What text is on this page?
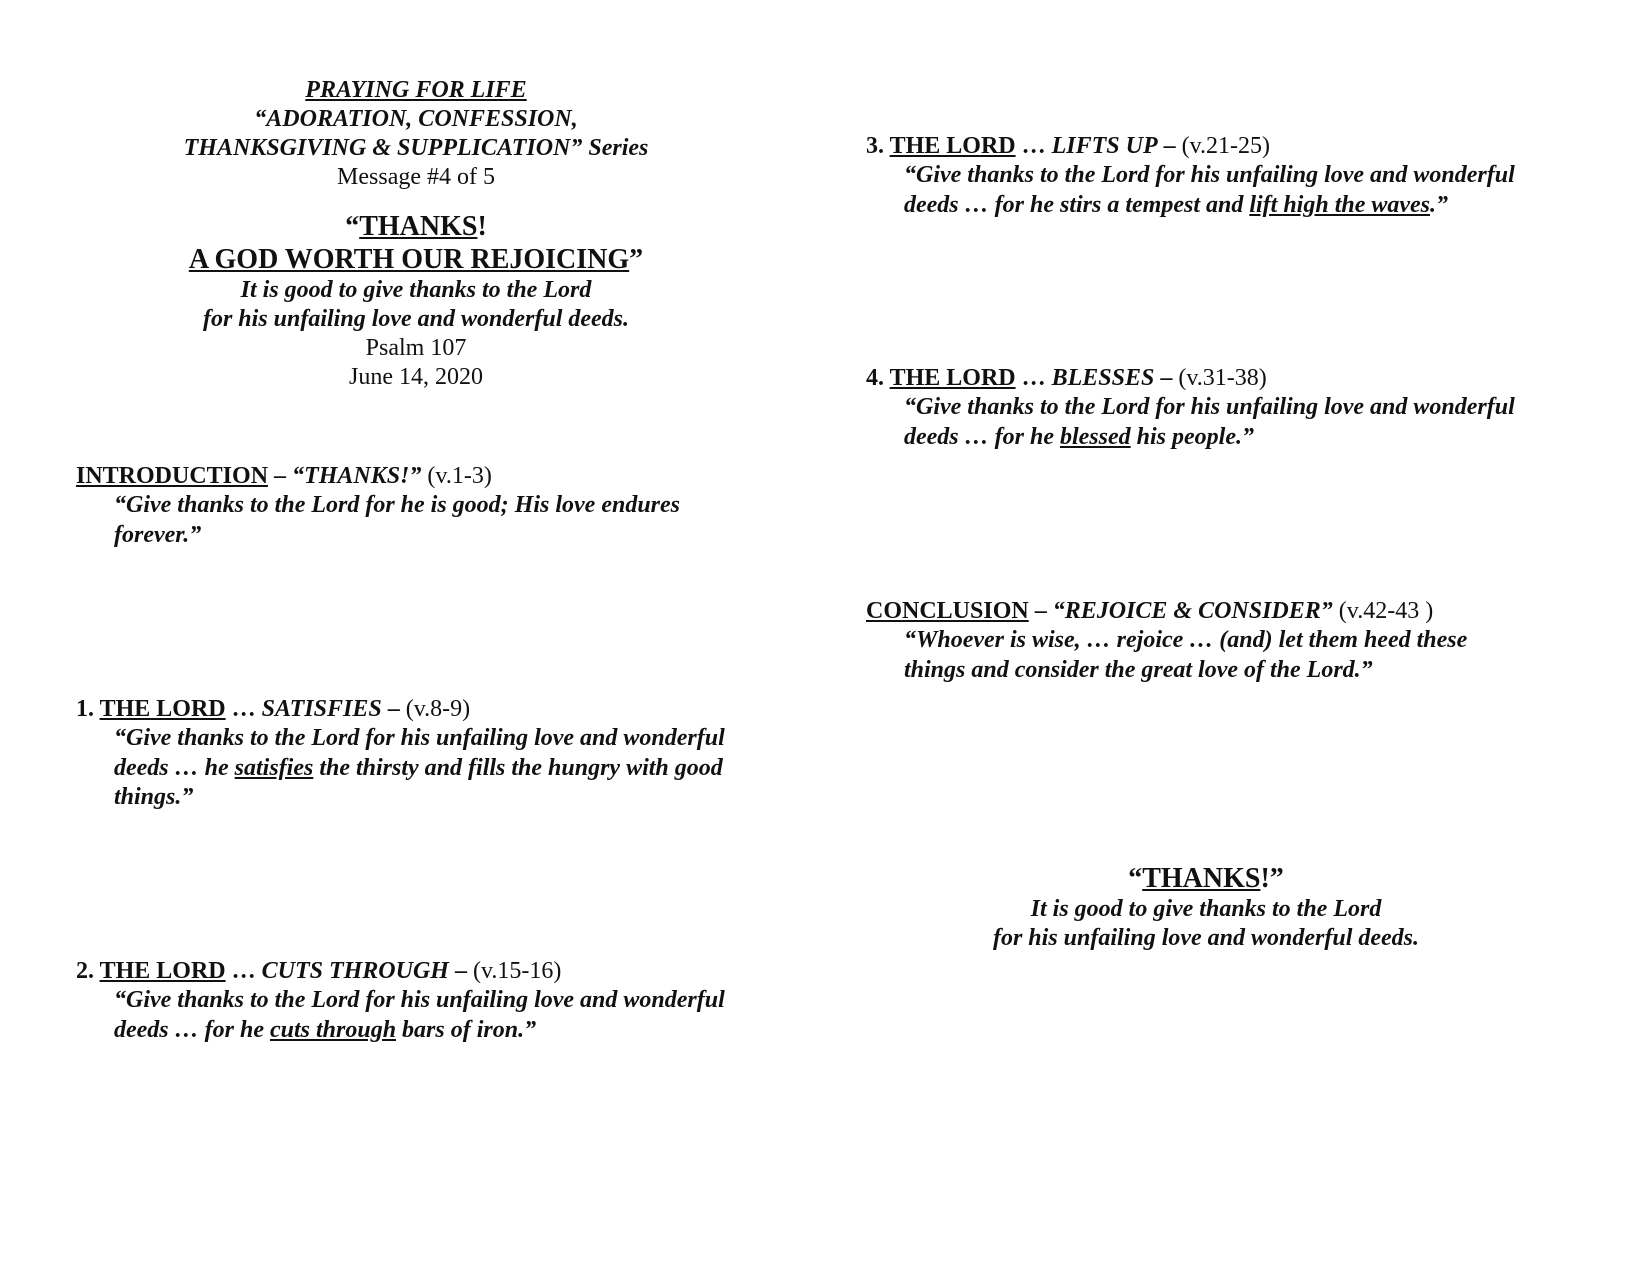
PRAYING FOR LIFE
“ADORATION, CONFESSION,
THANKSGIVING & SUPPLICATION” Series
Message #4 of 5
“THANKS!
A GOD WORTH OUR REJOICING”
It is good to give thanks to the Lord
for his unfailing love and wonderful deeds.
Psalm 107
June 14, 2020
INTRODUCTION – “THANKS!” (v.1-3)
“Give thanks to the Lord for he is good; His love endures
forever.”
1. THE LORD … SATISFIES – (v.8-9)
“Give thanks to the Lord for his unfailing love and wonderful
deeds … he satisfies the thirsty and fills the hungry with good
things.”
2. THE LORD … CUTS THROUGH – (v.15-16)
“Give thanks to the Lord for his unfailing love and wonderful
deeds … for he cuts through bars of iron.”
3. THE LORD … LIFTS UP – (v.21-25)
“Give thanks to the Lord for his unfailing love and wonderful
deeds … for he stirs a tempest and lift high the waves.”
4. THE LORD … BLESSES – (v.31-38)
“Give thanks to the Lord for his unfailing love and wonderful
deeds … for he blessed his people.”
CONCLUSION – “REJOICE & CONSIDER” (v.42-43 )
“Whoever is wise, … rejoice … (and) let them heed these
things and consider the great love of the Lord.”
“THANKS!”
It is good to give thanks to the Lord
for his unfailing love and wonderful deeds.
